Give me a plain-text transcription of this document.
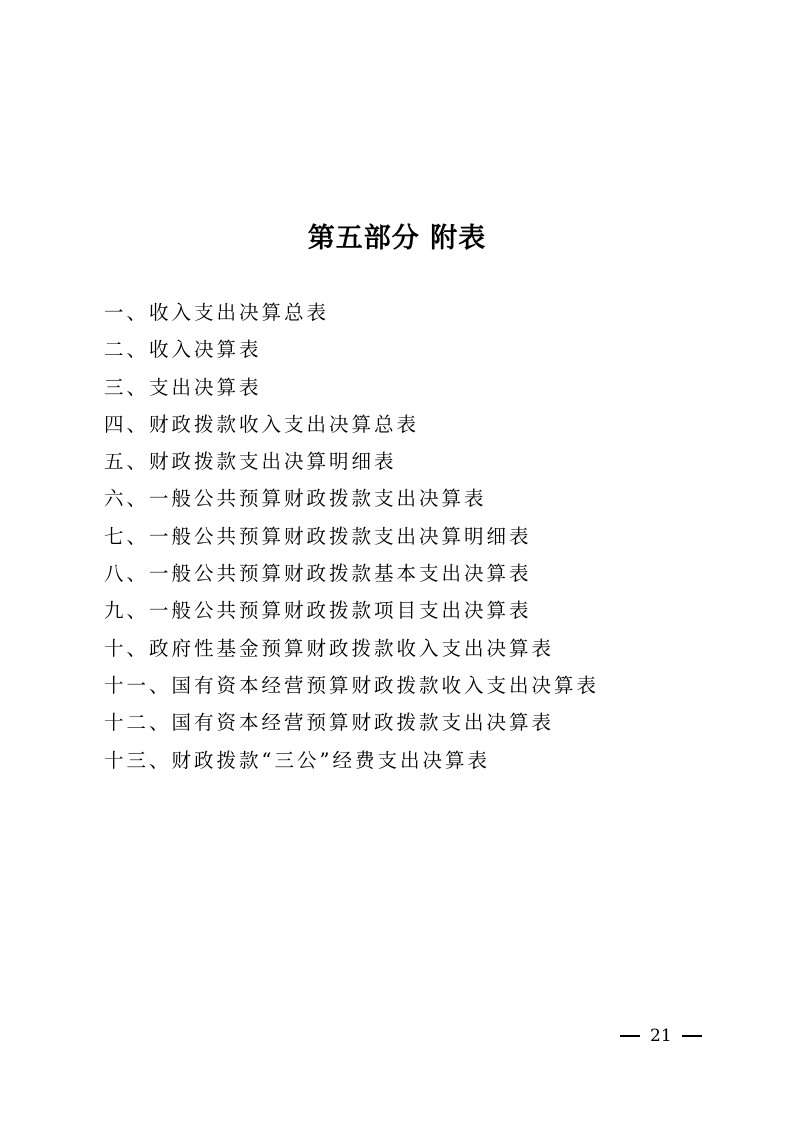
第五部分 附表
一、收入支出决算总表
二、收入决算表
三、支出决算表
四、财政拨款收入支出决算总表
五、财政拨款支出决算明细表
六、一般公共预算财政拨款支出决算表
七、一般公共预算财政拨款支出决算明细表
八、一般公共预算财政拨款基本支出决算表
九、一般公共预算财政拨款项目支出决算表
十、政府性基金预算财政拨款收入支出决算表
十一、国有资本经营预算财政拨款收入支出决算表
十二、国有资本经营预算财政拨款支出决算表
十三、财政拨款“三公”经费支出决算表
21
